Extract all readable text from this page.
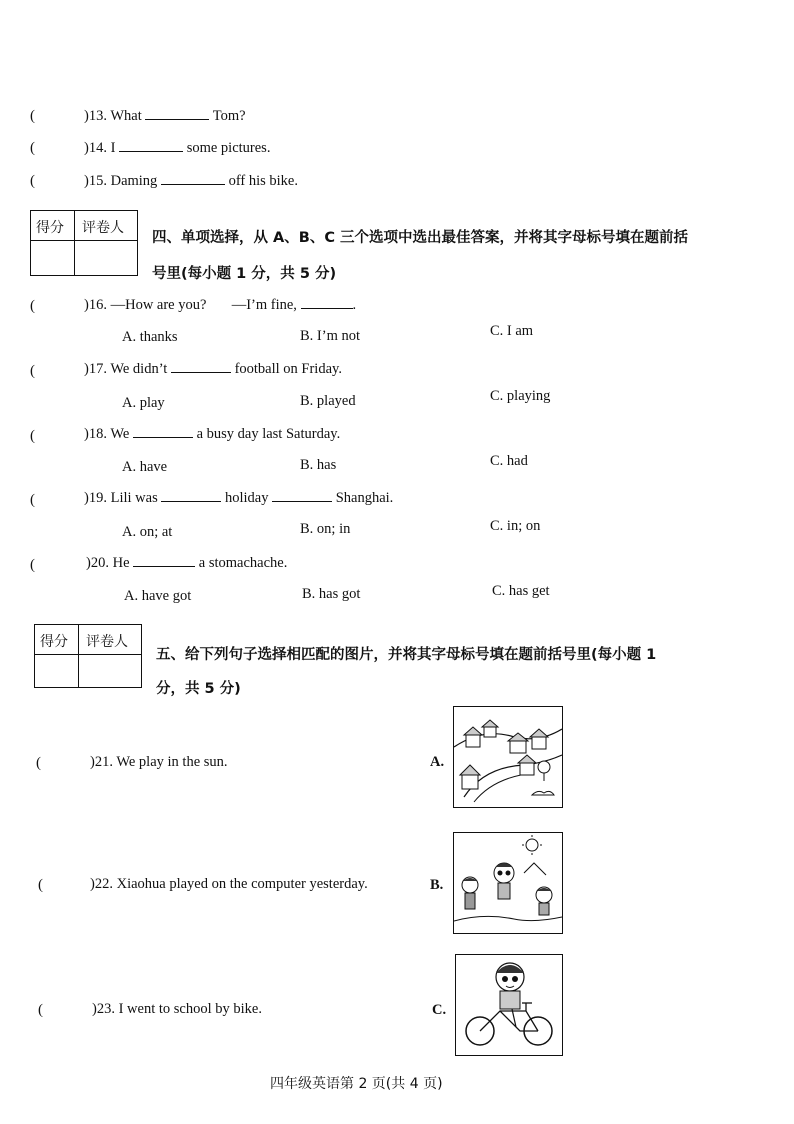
(	)13. What	Tom?
(	)14. I	some pictures.
(	)15. Daming	off his bike.
得分 评卷人
四、单项选择，从 A、B、C 三个选项中选出最佳答案，并将其字母标号填在题前括
号里(每小题 1 分，共 5 分)
(	)16. —How are you? —I’m fine,	.
A. thanks	B. I’m not	C. I am
(	)17. We didn’t	football on Friday.
A. play	B. played	C. playing
(	)18. We	a busy day last Saturday.
A. have	B. has	C. had
(	)19. Lili was	holiday	Shanghai.
A. on; at	B. on; in	C. in; on
(	)20. He	a stomachache.
A. have got	B. has got	C. has get
得分 评卷人
五、给下列句子选择相匹配的图片，并将其字母标号填在题前括号里(每小题 1
分，共 5 分)
(	)21. We play in the sun.	A.
(	)22. Xiaohua played on the computer yesterday.	B.
(	)23. I went to school by bike.	C.
四年级英语第 2 页(共 4 页)
